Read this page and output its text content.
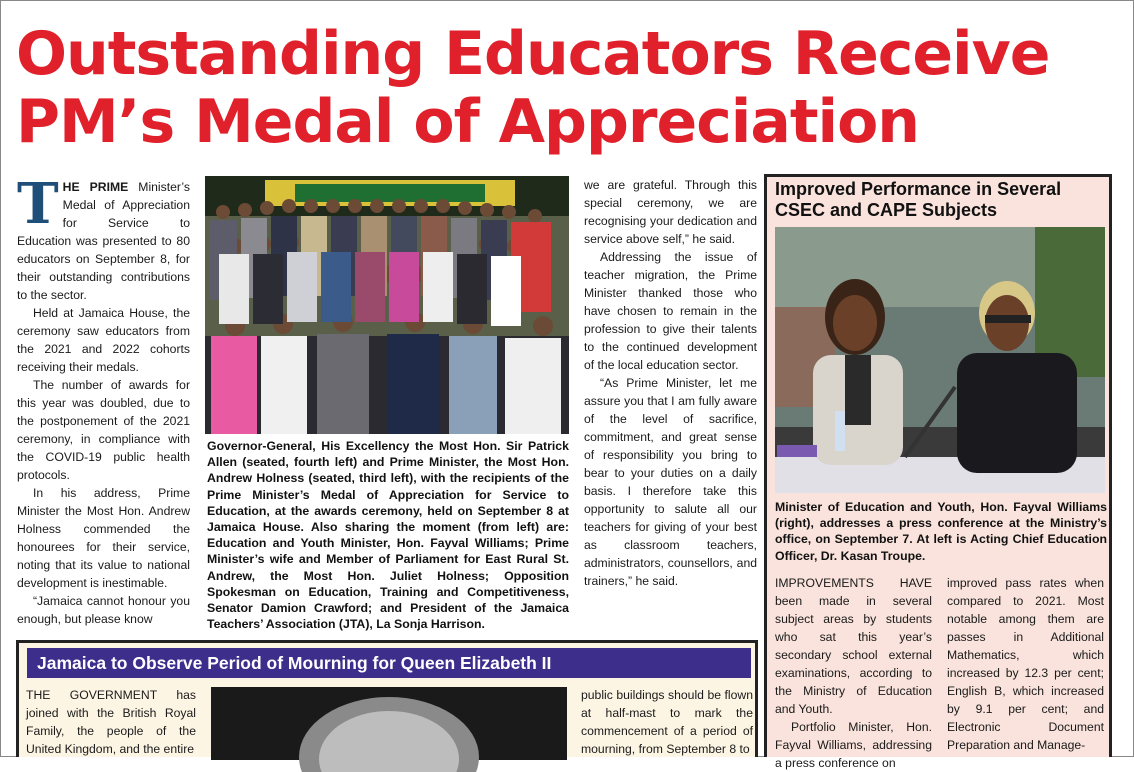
Outstanding Educators Receive PM’s Medal of Appreciation

THE PRIME Minister’s Medal of Appreciation for Service to Education was presented to 80 educators on September 8, for their outstanding contributions to the sector.

Held at Jamaica House, the ceremony saw educators from the 2021 and 2022 cohorts receiving their medals.

The number of awards for this year was doubled, due to the postponement of the 2021 ceremony, in compliance with the COVID-19 public health protocols.

In his address, Prime Minister the Most Hon. Andrew Holness commended the honourees for their service, noting that its value to national development is inestimable.

“Jamaica cannot honour you enough, but please know

Governor-General, His Excellency the Most Hon. Sir Patrick Allen (seated, fourth left) and Prime Minister, the Most Hon. Andrew Holness (seated, third left), with the recipients of the Prime Minister’s Medal of Appreciation for Service to Education, at the awards ceremony, held on September 8 at Jamaica House. Also sharing the moment (from left) are: Education and Youth Minister, Hon. Fayval Williams; Prime Minister’s wife and Member of Parliament for East Rural St. Andrew, the Most Hon. Juliet Holness; Opposition Spokesman on Education, Training and Competitiveness, Senator Damion Crawford; and President of the Jamaica Teachers’ Association (JTA), La Sonja Harrison.

we are grateful. Through this special ceremony, we are recognising your dedication and service above self,” he said.

Addressing the issue of teacher migration, the Prime Minister thanked those who have chosen to remain in the profession to give their talents to the continued development of the local education sector.

“As Prime Minister, let me assure you that I am fully aware of the level of sacrifice, commitment, and great sense of responsibility you bring to bear to your duties on a daily basis. I therefore take this opportunity to salute all our teachers for giving of your best as classroom teachers, administrators, counsellors, and trainers,” he said.

Improved Performance in Several CSEC and CAPE Subjects
Minister of Education and Youth, Hon. Fayval Williams (right), addresses a press conference at the Ministry’s office, on September 7. At left is Acting Chief Education Officer, Dr. Kasan Troupe.

IMPROVEMENTS HAVE been made in several subject areas by students who sat this year’s secondary school external examinations, according to the Ministry of Education and Youth.

Portfolio Minister, Hon. Fayval Williams, addressing a press conference on

improved pass rates when compared to 2021. Most notable among them are passes in Additional Mathematics, which increased by 12.3 per cent; English B, which increased by 9.1 per cent; and Electronic Document Preparation and Manage-

Jamaica to Observe Period of Mourning for Queen Elizabeth II

THE GOVERNMENT has joined with the British Royal Family, the people of the United Kingdom, and the entire

public buildings should be flown at half-mast to mark the commencement of a period of mourning, from September 8 to
